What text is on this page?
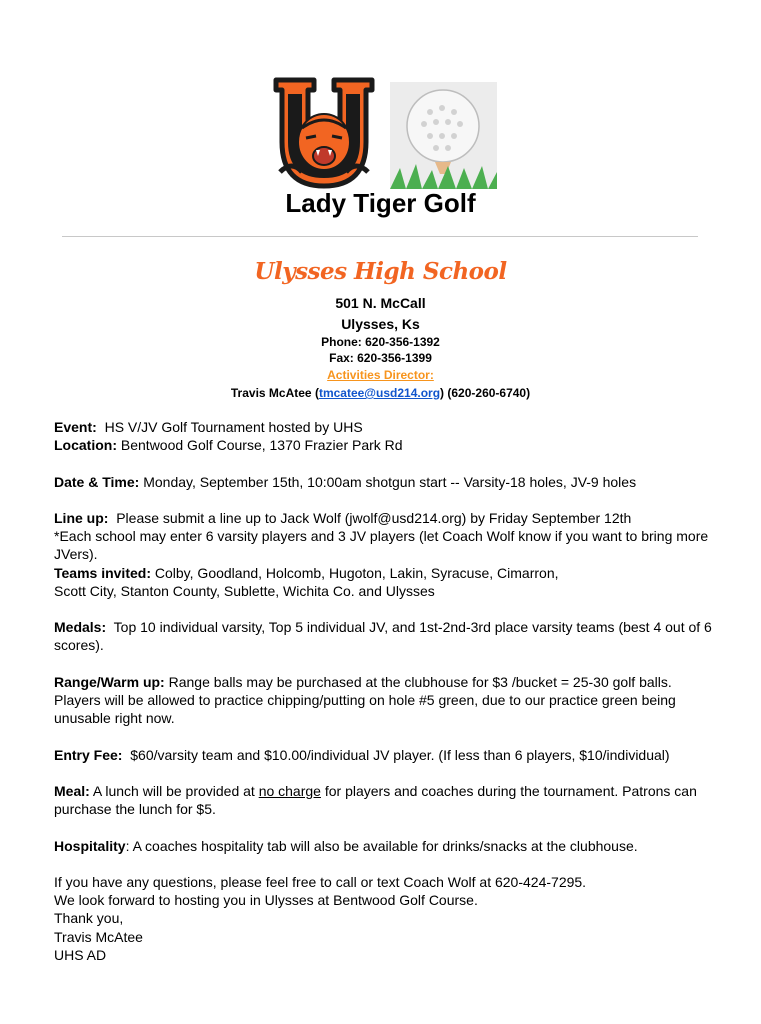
Lady Tiger Golf
Ulysses High School
501 N. McCall
Ulysses, Ks
Phone: 620-356-1392
Fax: 620-356-1399
Activities Director:
Travis McAtee (tmcatee@usd214.org) (620-260-6740)

Event: HS V/JV Golf Tournament hosted by UHS

Location: Bentwood Golf Course, 1370 Frazier Park Rd

Date & Time: Monday, September 15th, 10:00am shotgun start -- Varsity-18 holes, JV-9 holes

Line up: Please submit a line up to Jack Wolf (jwolf@usd214.org) by Friday September 12th

*Each school may enter 6 varsity players and 3 JV players (let Coach Wolf know if you want to bring more JVers).

Teams invited: Colby, Goodland, Holcomb, Hugoton, Lakin, Syracuse, Cimarron,

Scott City, Stanton County, Sublette, Wichita Co. and Ulysses

Medals: Top 10 individual varsity, Top 5 individual JV, and 1st-2nd-3rd place varsity teams (best 4 out of 6 scores).

Range/Warm up: Range balls may be purchased at the clubhouse for $3 /bucket = 25-30 golf balls. Players will be allowed to practice chipping/putting on hole #5 green, due to our practice green being unusable right now.

Entry Fee: $60/varsity team and $10.00/individual JV player. (If less than 6 players, $10/individual)

Meal: A lunch will be provided at no charge for players and coaches during the tournament. Patrons can purchase the lunch for $5.

Hospitality: A coaches hospitality tab will also be available for drinks/snacks at the clubhouse.

If you have any questions, please feel free to call or text Coach Wolf at 620-424-7295.

We look forward to hosting you in Ulysses at Bentwood Golf Course.

Thank you,

Travis McAtee

UHS AD
